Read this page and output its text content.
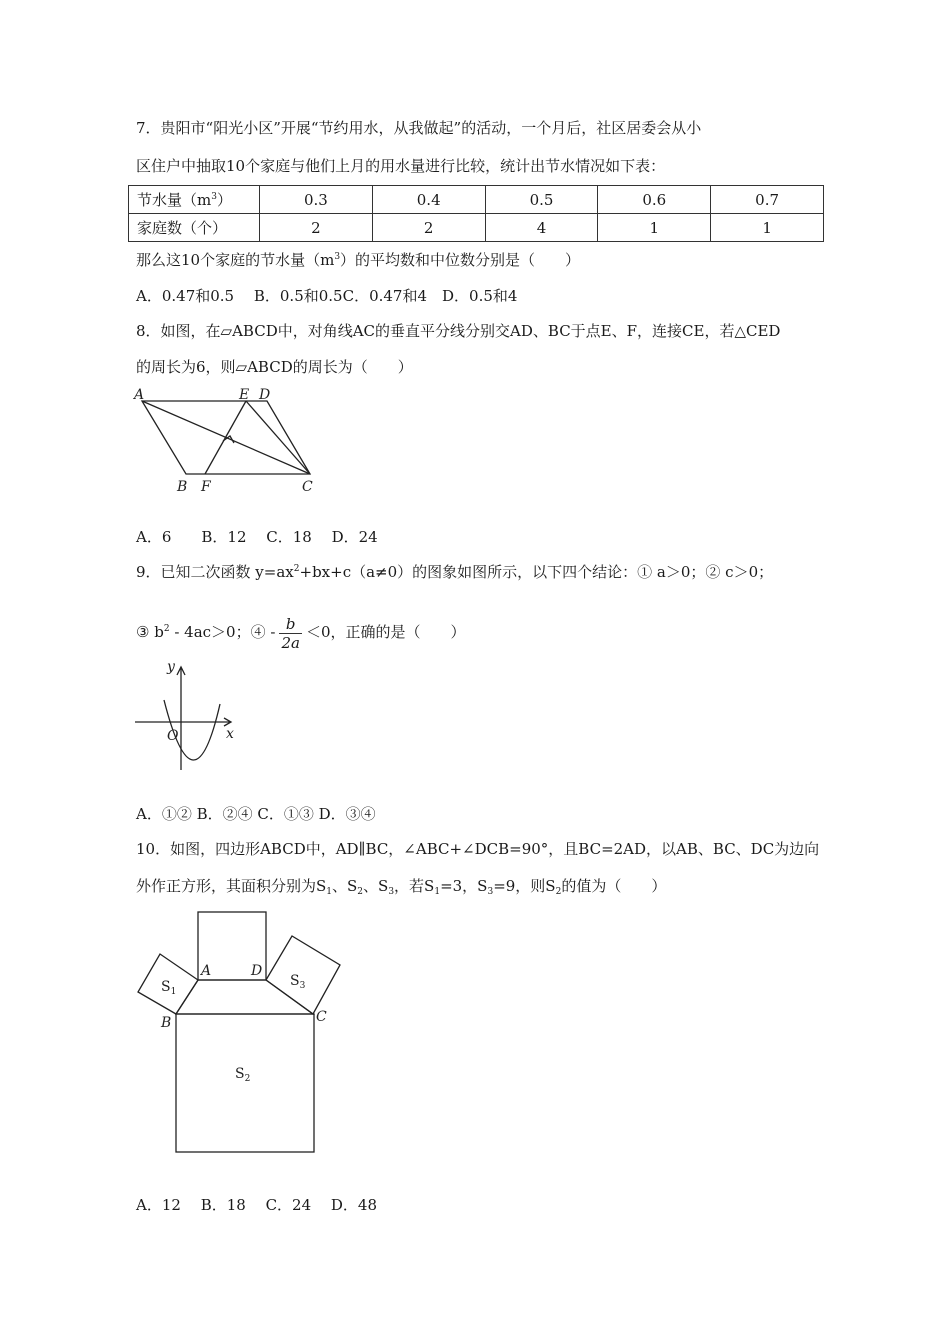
7．贵阳市“阳光小区”开展“节约用水，从我做起”的活动，一个月后，社区居委会从小
区住户中抽取10个家庭与他们上月的用水量进行比较，统计出节水情况如下表：
节水量$(m^3)$	0.3	0.4	0.5	0.6	0.7
家庭数（个）	2	2	4	1	1
那么这10个家庭的节水量$(m^3)$的平均数和中位数分别是（　　）
A．0.47和0.5　 B．0.5和0.5C．0.47和4　D．0.5和4
8．如图，在▱ABCD中，对角线AC的垂直平分线分别交AD、BC于点E、F，连接CE，若△CED
的周长为6，则▱ABCD的周长为（　　）
A	E D
B F	C
A．6　　B．12　 C．18　 D．24
9．已知二次函数 $y=ax^2+bx+c(a\ne 0)$的图象如图所示，以下四个结论：① a＞0；② c＞0；
③ $b^2 - 4ac>0$；④ - $\frac{b}{2a} <0$，正确的是（　　）
y
x
O
A．①② B．②④ C．①③ D．③④
10．如图，四边形ABCD中，AD∥BC，∠ABC+∠DCB=90°，且BC=2AD，以AB、BC、DC为边向
外作正方形，其面积分别为$S_1$、$S_2$、$S_3$，若$S_1=3$，$S_3=9$，则$S_2$的值为（　　）
A	D
B	C
$S_1$
$S_3$
$S_2$
A．12　 B．18　 C．24　 D．48
